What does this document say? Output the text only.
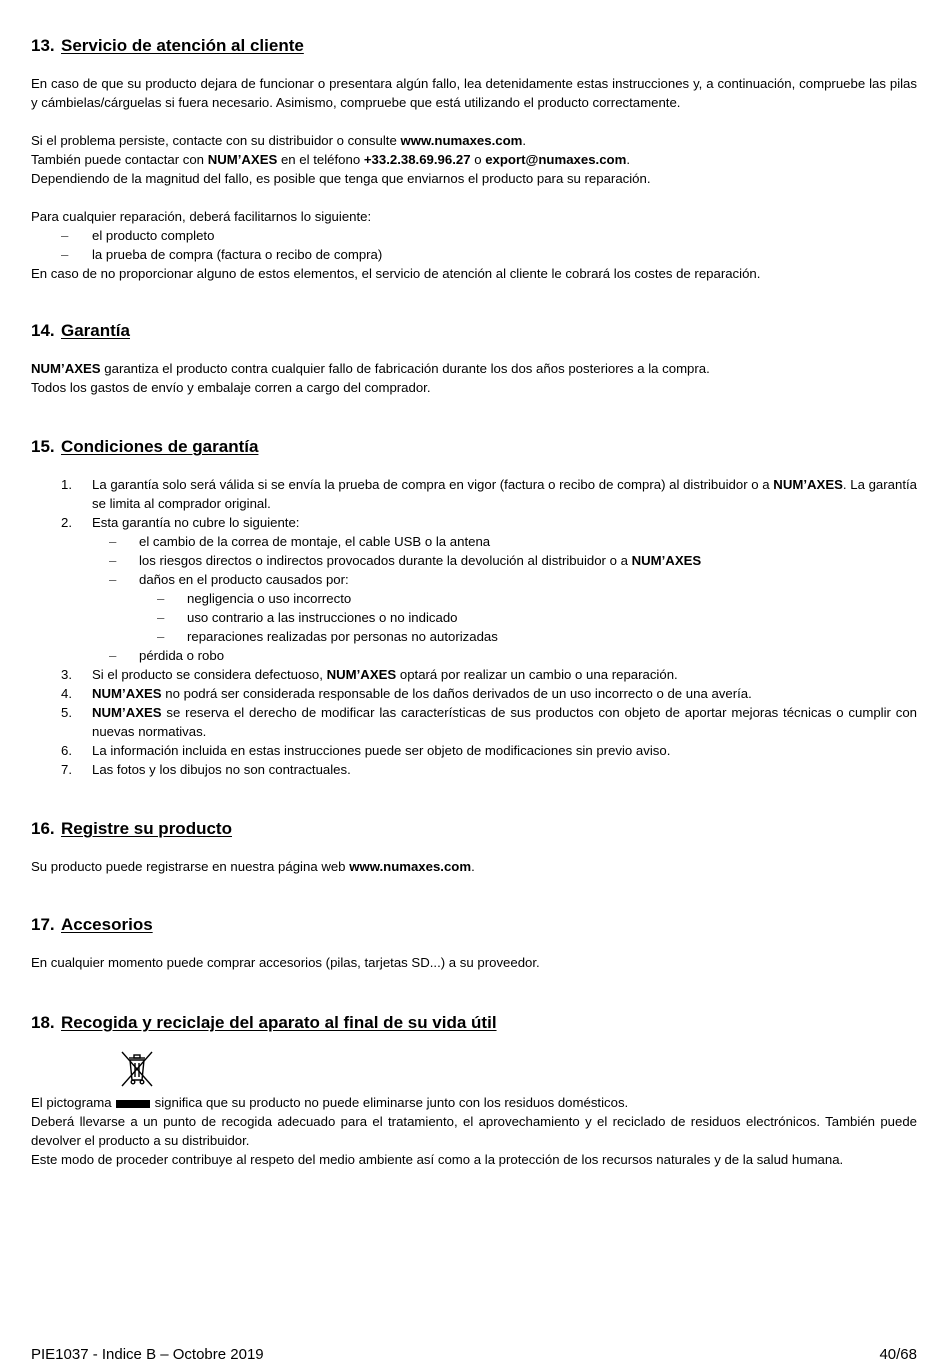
13. Servicio de atención al cliente

En caso de que su producto dejara de funcionar o presentara algún fallo, lea detenidamente estas instrucciones y, a continuación, compruebe las pilas y cámbielas/cárguelas si fuera necesario. Asimismo, compruebe que está utilizando el producto correctamente.

Si el problema persiste, contacte con su distribuidor o consulte www.numaxes.com.

También puede contactar con NUM’AXES en el teléfono +33.2.38.69.96.27 o export@numaxes.com.

Dependiendo de la magnitud del fallo, es posible que tenga que enviarnos el producto para su reparación.

Para cualquier reparación, deberá facilitarnos lo siguiente:

– el producto completo
– la prueba de compra (factura o recibo de compra)

En caso de no proporcionar alguno de estos elementos, el servicio de atención al cliente le cobrará los costes de reparación.

14. Garantía

NUM’AXES garantiza el producto contra cualquier fallo de fabricación durante los dos años posteriores a la compra.

Todos los gastos de envío y embalaje corren a cargo del comprador.

15. Condiciones de garantía
1. La garantía solo será válida si se envía la prueba de compra en vigor (factura o recibo de compra) al distribuidor o a NUM’AXES. La garantía se limita al comprador original.
2. Esta garantía no cubre lo siguiente:
– el cambio de la correa de montaje, el cable USB o la antena
– los riesgos directos o indirectos provocados durante la devolución al distribuidor o a NUM’AXES
– daños en el producto causados por:
– negligencia o uso incorrecto
– uso contrario a las instrucciones o no indicado
– reparaciones realizadas por personas no autorizadas
– pérdida o robo
3. Si el producto se considera defectuoso, NUM’AXES optará por realizar un cambio o una reparación.
4. NUM’AXES no podrá ser considerada responsable de los daños derivados de un uso incorrecto o de una avería.
5. NUM’AXES se reserva el derecho de modificar las características de sus productos con objeto de aportar mejoras técnicas o cumplir con nuevas normativas.
6. La información incluida en estas instrucciones puede ser objeto de modificaciones sin previo aviso.
7. Las fotos y los dibujos no son contractuales.
16. Registre su producto

Su producto puede registrarse en nuestra página web www.numaxes.com.

17. Accesorios

En cualquier momento puede comprar accesorios (pilas, tarjetas SD...) a su proveedor.

18. Recogida y reciclaje del aparato al final de su vida útil

El pictograma	significa que su producto no puede eliminarse junto con los residuos domésticos.

Deberá llevarse a un punto de recogida adecuado para el tratamiento, el aprovechamiento y el reciclado de residuos electrónicos. También puede devolver el producto a su distribuidor.

Este modo de proceder contribuye al respeto del medio ambiente así como a la protección de los recursos naturales y de la salud humana.

PIE1037 - Indice B – Octobre 2019	40/68
